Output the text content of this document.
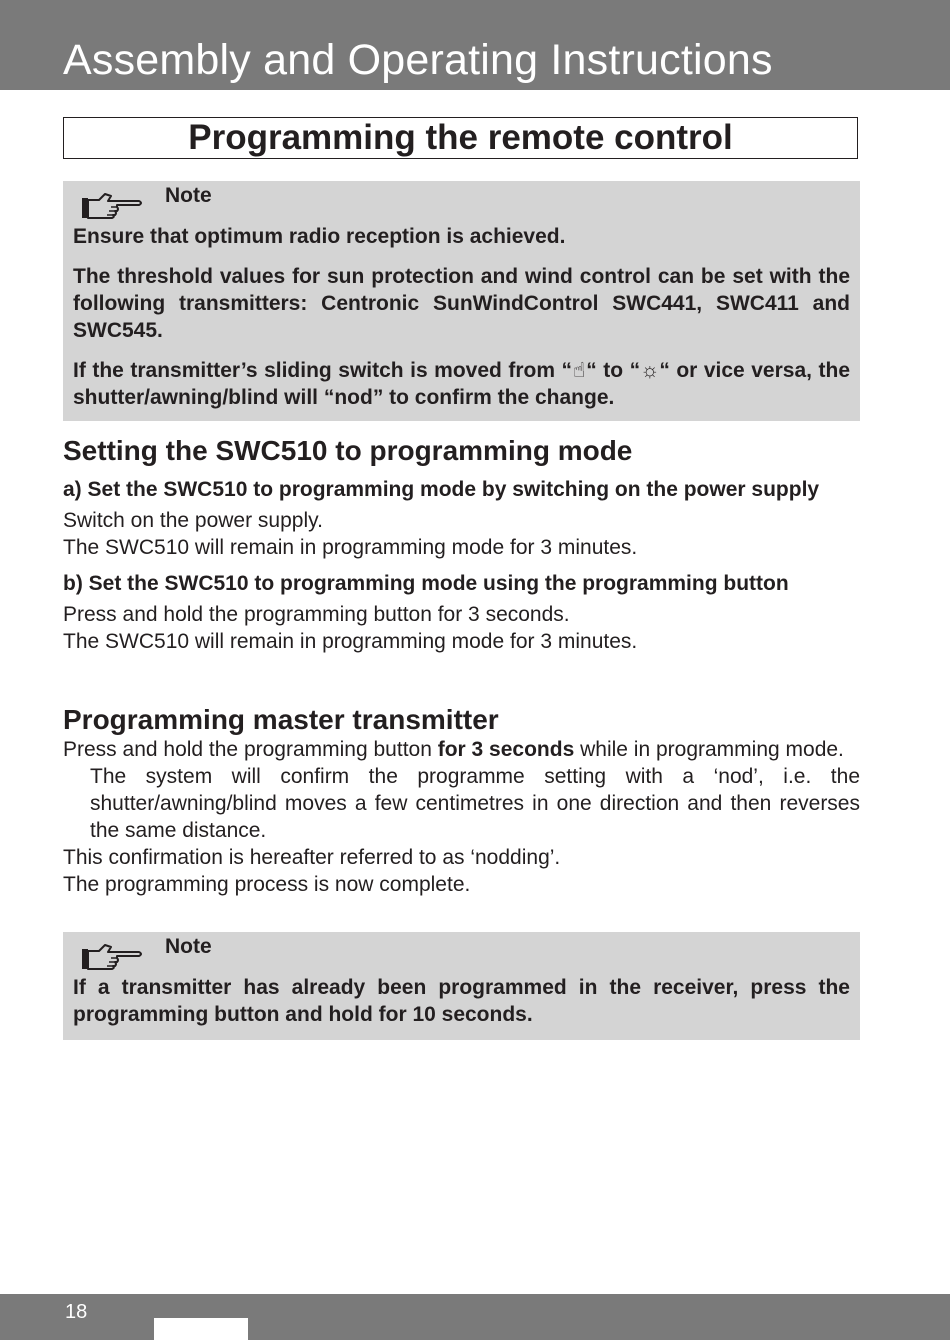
Assembly and Operating Instructions
Programming the remote control
Note

Ensure that optimum radio reception is achieved.

The threshold values for sun protection and wind control can be set with the following transmitters: Centronic SunWindControl SWC441, SWC411 and SWC545.

If the transmitter’s sliding switch is moved from “☝“ to “☼“ or vice versa, the shutter/awning/blind will “nod” to confirm the change.

Setting the SWC510 to programming mode
a) Set the SWC510 to programming mode by switching on the power supply

Switch on the power supply.

The SWC510 will remain in programming mode for 3 minutes.

b) Set the SWC510 to programming mode using the programming button

Press and hold the programming button for 3 seconds.

The SWC510 will remain in programming mode for 3 minutes.

Programming master transmitter

Press and hold the programming button for 3 seconds while in programming mode.

The system will confirm the programme setting with a ‘nod’, i.e. the shutter/awning/blind moves a few centimetres in one direction and then reverses the same distance.

This confirmation is hereafter referred to as ‘nodding’.

The programming process is now complete.

Note

If a transmitter has already been programmed in the receiver, press the programming button and hold for 10 seconds.

18
